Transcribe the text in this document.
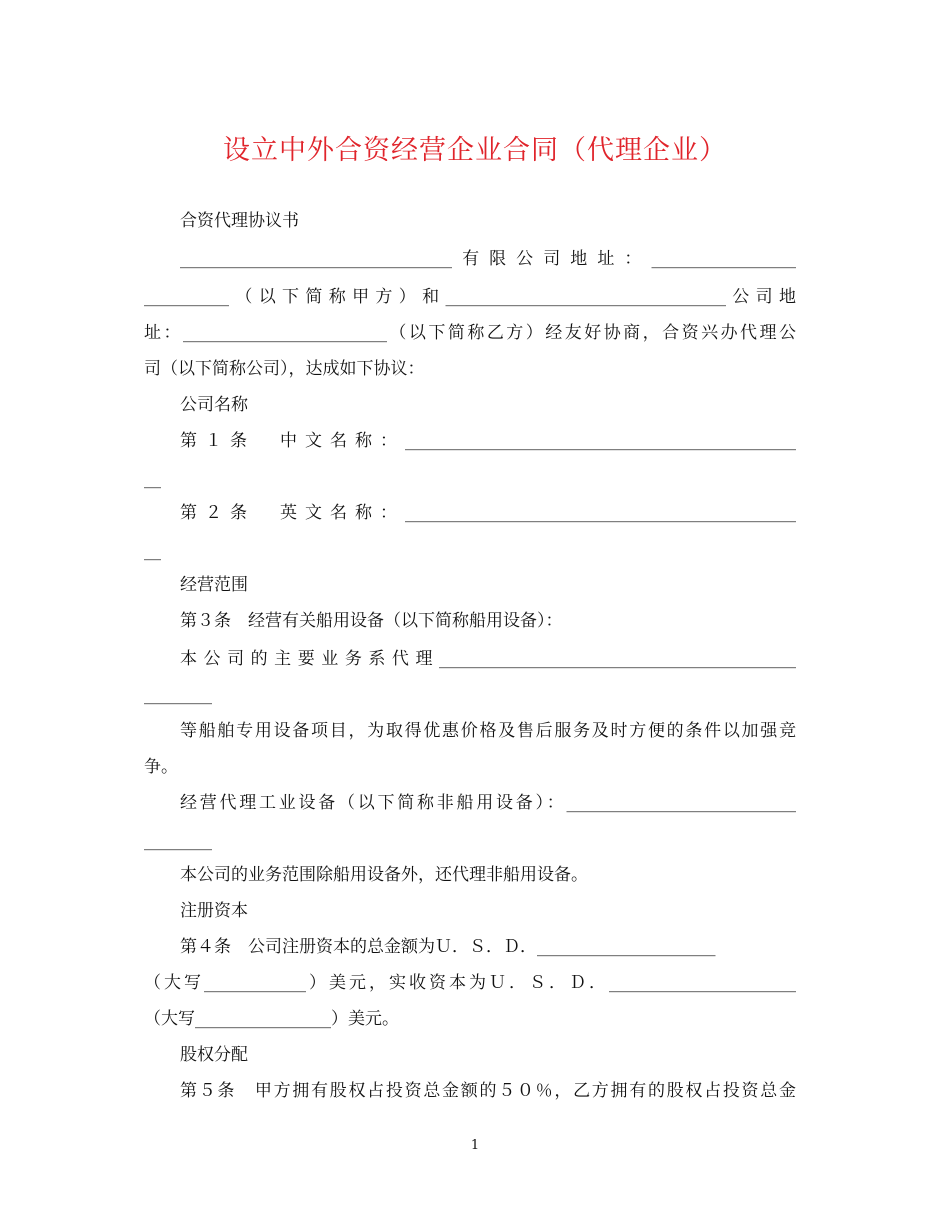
设立中外合资经营企业合同（代理企业）
合资代理协议书
________________________________有限公司地址：_________________
__________（以下简称甲方）和_________________________________公司地
址：________________________（以下简称乙方）经友好协商，合资兴办代理公
司（以下简称公司），达成如下协议：
公司名称
第１条　中文名称：______________________________________________
__
第２条　英文名称：______________________________________________
__
经营范围
第３条　经营有关船用设备（以下简称船用设备）：
本公司的主要业务系代理__________________________________________
________
等船舶专用设备项目，为取得优惠价格及售后服务及时方便的条件以加强竞
争。
经营代理工业设备（以下简称非船用设备）：___________________________
________
本公司的业务范围除船用设备外，还代理非船用设备。
注册资本
第４条　公司注册资本的总金额为Ｕ．Ｓ．Ｄ．_____________________
（大写____________）美元，实收资本为Ｕ．Ｓ．Ｄ．______________________
（大写________________）美元。
股权分配
第５条　甲方拥有股权占投资总金额的５０％，乙方拥有的股权占投资总金
1
